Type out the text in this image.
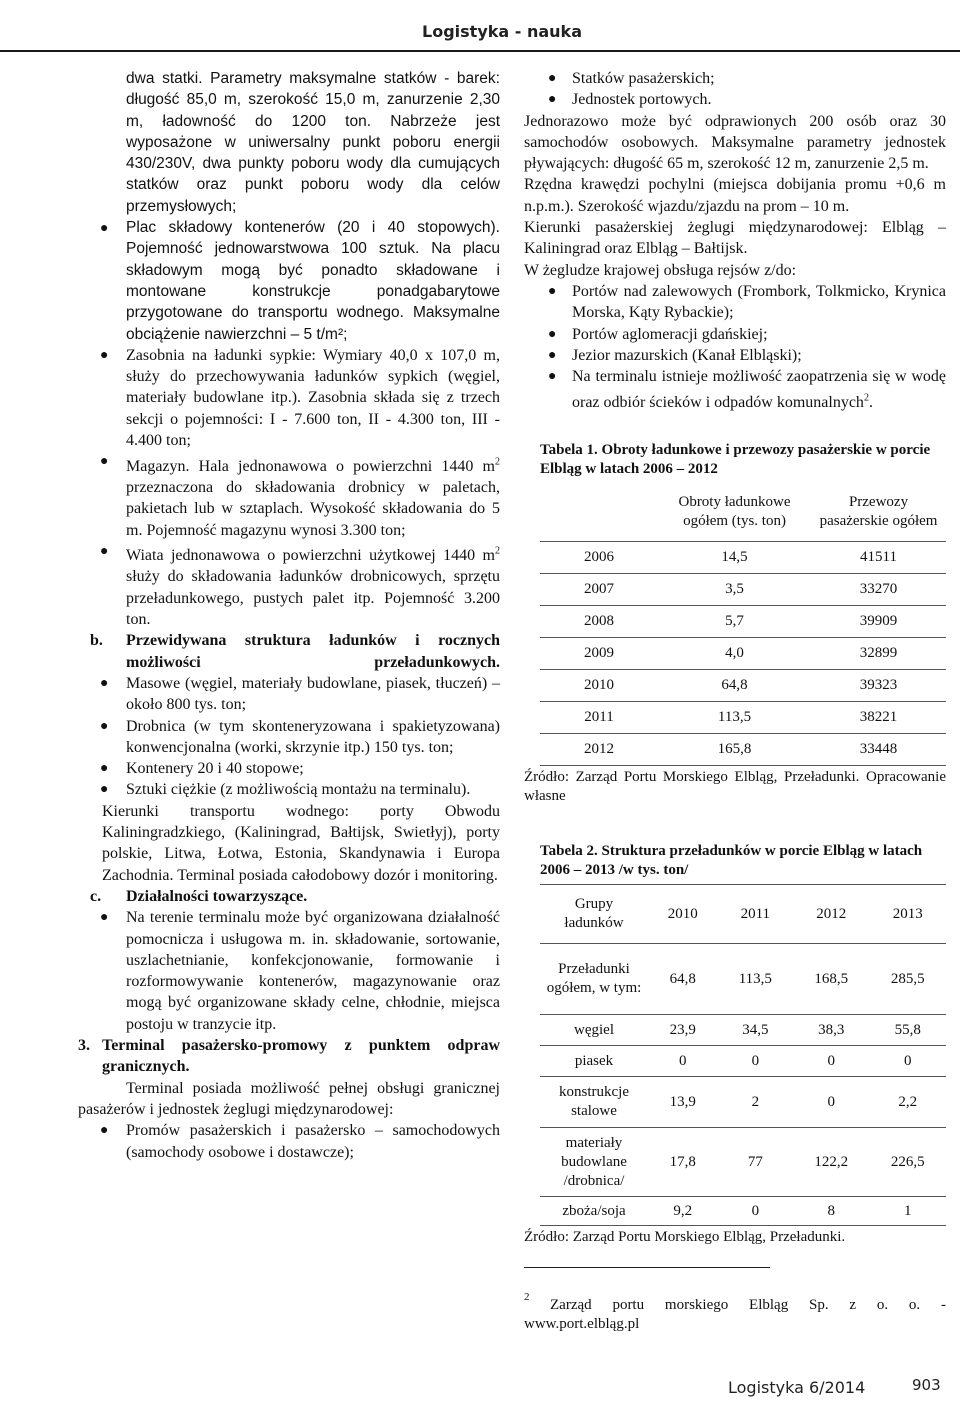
Logistyka - nauka

dwa statki. Parametry maksymalne statków - barek: długość 85,0 m, szerokość 15,0 m, zanurzenie 2,30 m, ładowność do 1200 ton. Nabrzeże jest wyposażone w uniwersalny punkt poboru energii 430/230V, dwa punkty poboru wody dla cumujących statków oraz punkt poboru wody dla celów przemysłowych;

● Plac składowy kontenerów (20 i 40 stopowych). Pojemność jednowarstwowa 100 sztuk. Na placu składowym mogą być ponadto składowane i montowane konstrukcje ponadgabarytowe przygotowane do transportu wodnego. Maksymalne obciążenie nawierzchni – 5 t/m²;
● Zasobnia na ładunki sypkie: Wymiary 40,0 x 107,0 m, służy do przechowywania ładunków sypkich (węgiel, materiały budowlane itp.). Zasobnia składa się z trzech sekcji o pojemności: I - 7.600 ton, II - 4.300 ton, III - 4.400 ton;
● Magazyn. Hala jednonawowa o powierzchni 1440 $m^2$ przeznaczona do składowania drobnicy w paletach, pakietach lub w sztaplach. Wysokość składowania do 5 m. Pojemność magazynu wynosi 3.300 ton;
● Wiata jednonawowa o powierzchni użytkowej 1440 $m^2$ służy do składowania ładunków drobnicowych, sprzętu przeładunkowego, pustych palet itp. Pojemność 3.200 ton.
b.	Przewidywana struktura ładunków i rocznych możliwości przeładunkowych.
● Masowe (węgiel, materiały budowlane, piasek, tłuczeń) – około 800 tys. ton;
● Drobnica (w tym skonteneryzowana i spakietyzowana) konwencjonalna (worki, skrzynie itp.) 150 tys. ton;
● Kontenery 20 i 40 stopowe;
● Sztuki ciężkie (z możliwością montażu na terminalu).

Kierunki transportu wodnego: porty Obwodu Kaliningradzkiego, (Kaliningrad, Bałtijsk, Swietłyj), porty polskie, Litwa, Łotwa, Estonia, Skandynawia i Europa Zachodnia. Terminal posiada całodobowy dozór i monitoring.

c.	Działalności towarzyszące.
● Na terenie terminalu może być organizowana działalność pomocnicza i usługowa m. in. składowanie, sortowanie, uszlachetnianie, konfekcjonowanie, formowanie i rozformowywanie kontenerów, magazynowanie oraz mogą być organizowane składy celne, chłodnie, miejsca postoju w tranzycie itp.
3. Terminal pasażersko-promowy z punktem odpraw granicznych.

Terminal posiada możliwość pełnej obsługi granicznej pasażerów i jednostek żeglugi międzynarodowej:

● Promów pasażerskich i pasażersko – samochodowych (samochody osobowe i dostawcze);
● Statków pasażerskich;
● Jednostek portowych.

Jednorazowo może być odprawionych 200 osób oraz 30 samochodów osobowych. Maksymalne parametry jednostek pływających: długość 65 m, szerokość 12 m, zanurzenie 2,5 m.

Rzędna krawędzi pochylni (miejsca dobijania promu +0,6 m n.p.m.). Szerokość wjazdu/zjazdu na prom – 10 m.

Kierunki pasażerskiej żeglugi międzynarodowej: Elbląg – Kaliningrad oraz Elbląg – Bałtijsk.

W żegludze krajowej obsługa rejsów z/do:

● Portów nad zalewowych (Frombork, Tolkmicko, Krynica Morska, Kąty Rybackie);
● Portów aglomeracji gdańskiej;
● Jezior mazurskich (Kanał Elbląski);
● Na terminalu istnieje możliwość zaopatrzenia się w wodę oraz odbiór ścieków i odpadów komunalnych$^2$.
Tabela 1. Obroty ładunkowe i przewozy pasażerskie w porcie Elbląg w latach 2006 – 2012
	Obroty ładunkowe ogółem (tys. ton)	Przewozy pasażerskie ogółem
2006	14,5	41511
2007	3,5	33270
2008	5,7	39909
2009	4,0	32899
2010	64,8	39323
2011	113,5	38221
2012	165,8	33448

Źródło: Zarząd Portu Morskiego Elbląg, Przeładunki. Opracowanie własne

Tabela 2. Struktura przeładunków w porcie Elbląg w latach 2006 – 2013 /w tys. ton/
Grupy ładunków	2010	2011	2012	2013
Przeładunki ogółem, w tym:	64,8	113,5	168,5	285,5
węgiel	23,9	34,5	38,3	55,8
piasek	0	0	0	0
konstrukcje stalowe	13,9	2	0	2,2
materiały budowlane /drobnica/	17,8	77	122,2	226,5
zboża/soja	9,2	0	8	1

Źródło: Zarząd Portu Morskiego Elbląg, Przeładunki.

2 Zarząd portu morskiego Elbląg Sp. z o. o. -
www.port.elbląg.pl
Logistyka 6/2014	903
